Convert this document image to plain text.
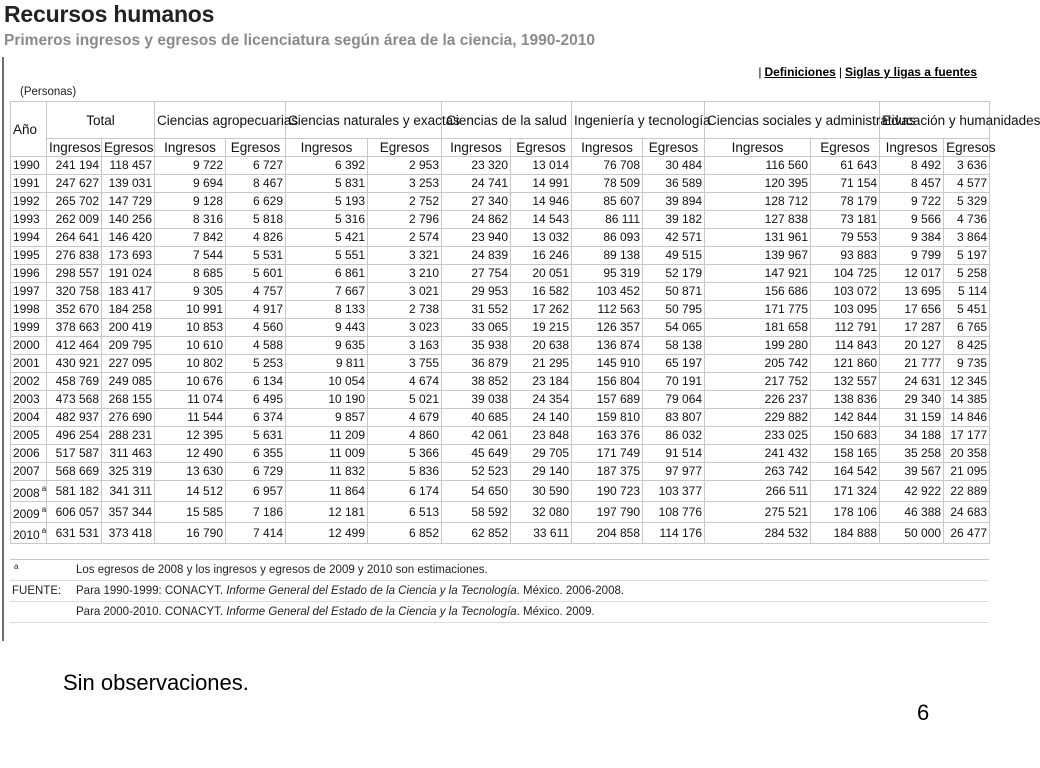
Recursos humanos
Primeros ingresos y egresos de licenciatura según área de la ciencia, 1990-2010
| Definiciones | Siglas y ligas a fuentes
(Personas)
Año	Total		Ciencias agropecuarias		Ciencias naturales y exactas		Ciencias de la salud		Ingeniería y tecnología		Ciencias sociales y administrativas		Educación y humanidades	
	Ingresos	Egresos	Ingresos	Egresos	Ingresos	Egresos	Ingresos	Egresos	Ingresos	Egresos	Ingresos	Egresos	Ingresos	Egresos
1990	241 194	118 457	9 722	6 727	6 392	2 953	23 320	13 014	76 708	30 484	116 560	61 643	8 492	3 636
1991	247 627	139 031	9 694	8 467	5 831	3 253	24 741	14 991	78 509	36 589	120 395	71 154	8 457	4 577
1992	265 702	147 729	9 128	6 629	5 193	2 752	27 340	14 946	85 607	39 894	128 712	78 179	9 722	5 329
1993	262 009	140 256	8 316	5 818	5 316	2 796	24 862	14 543	86 111	39 182	127 838	73 181	9 566	4 736
1994	264 641	146 420	7 842	4 826	5 421	2 574	23 940	13 032	86 093	42 571	131 961	79 553	9 384	3 864
1995	276 838	173 693	7 544	5 531	5 551	3 321	24 839	16 246	89 138	49 515	139 967	93 883	9 799	5 197
1996	298 557	191 024	8 685	5 601	6 861	3 210	27 754	20 051	95 319	52 179	147 921	104 725	12 017	5 258
1997	320 758	183 417	9 305	4 757	7 667	3 021	29 953	16 582	103 452	50 871	156 686	103 072	13 695	5 114
1998	352 670	184 258	10 991	4 917	8 133	2 738	31 552	17 262	112 563	50 795	171 775	103 095	17 656	5 451
1999	378 663	200 419	10 853	4 560	9 443	3 023	33 065	19 215	126 357	54 065	181 658	112 791	17 287	6 765
2000	412 464	209 795	10 610	4 588	9 635	3 163	35 938	20 638	136 874	58 138	199 280	114 843	20 127	8 425
2001	430 921	227 095	10 802	5 253	9 811	3 755	36 879	21 295	145 910	65 197	205 742	121 860	21 777	9 735
2002	458 769	249 085	10 676	6 134	10 054	4 674	38 852	23 184	156 804	70 191	217 752	132 557	24 631	12 345
2003	473 568	268 155	11 074	6 495	10 190	5 021	39 038	24 354	157 689	79 064	226 237	138 836	29 340	14 385
2004	482 937	276 690	11 544	6 374	9 857	4 679	40 685	24 140	159 810	83 807	229 882	142 844	31 159	14 846
2005	496 254	288 231	12 395	5 631	11 209	4 860	42 061	23 848	163 376	86 032	233 025	150 683	34 188	17 177
2006	517 587	311 463	12 490	6 355	11 009	5 366	45 649	29 705	171 749	91 514	241 432	158 165	35 258	20 358
2007	568 669	325 319	13 630	6 729	11 832	5 836	52 523	29 140	187 375	97 977	263 742	164 542	39 567	21 095
2008 $^a$	581 182	341 311	14 512	6 957	11 864	6 174	54 650	30 590	190 723	103 377	266 511	171 324	42 922	22 889
2009 $^a$	606 057	357 344	15 585	7 186	12 181	6 513	58 592	32 080	197 790	108 776	275 521	178 106	46 388	24 683
2010 $^a$	631 531	373 418	16 790	7 414	12 499	6 852	62 852	33 611	204 858	114 176	284 532	184 888	50 000	26 477
$^a$	Los egresos de 2008 y los ingresos y egresos de 2009 y 2010 son estimaciones.
FUENTE:	Para 1990-1999: CONACYT. Informe General del Estado de la Ciencia y la Tecnología. México. 2006-2008.
Para 2000-2010. CONACYT. Informe General del Estado de la Ciencia y la Tecnología. México. 2009.
Sin observaciones.
6
